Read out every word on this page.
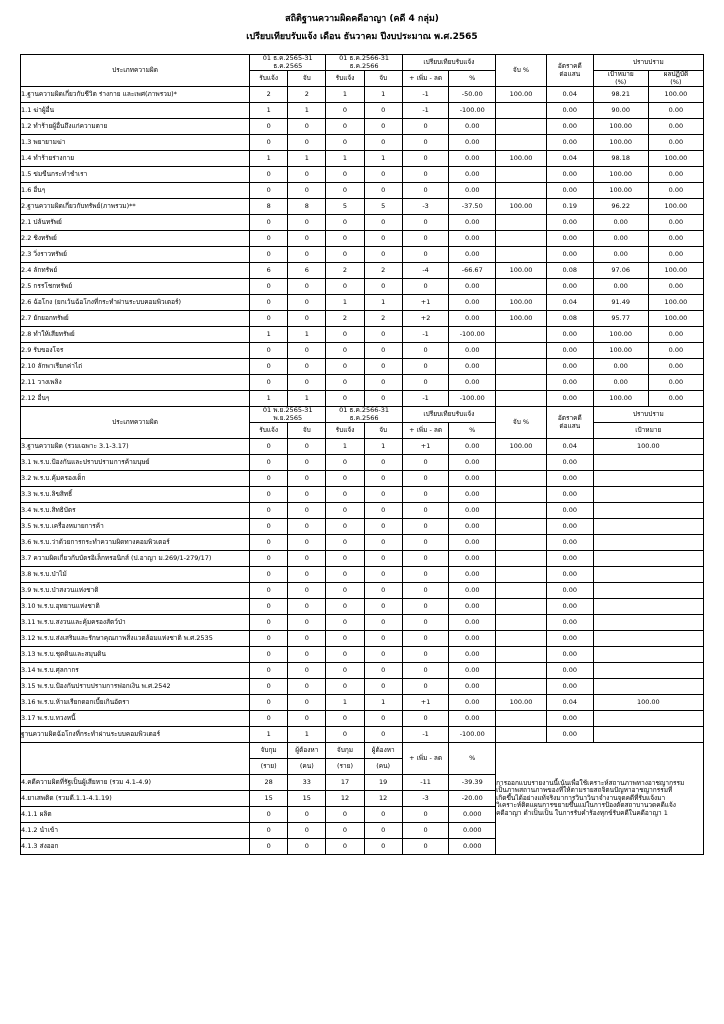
สถิติฐานความผิดคดีอาญา (คดี 4 กลุ่ม)
เปรียบเทียบรับแจ้ง เดือน ธันวาคม ปีงบประมาณ พ.ศ.2565
ประเภทความผิด	01 ธ.ค.2565-31 ธ.ค.2565		01 ธ.ค.2566-31 ธ.ค.2566		เปรียบเทียบรับแจ้ง		จับ %	อัตราคดี
ต่อแสน	ปราบปราม	
รับแจ้ง	จับ	รับแจ้ง	จับ	+ เพิ่ม - ลด	%	เป้าหมาย
(%)

ผลปฏิบัติ
(%)

1.ฐานความผิดเกี่ยวกับชีวิต ร่างกาย และเพศ(ภาพรวม)*	2	2	1	1	-1	-50.00	100.00	0.04	98.21	100.00
1.1 ฆ่าผู้อื่น	1	1	0	0	-1	-100.00		0.00	90.00	0.00
1.2 ทำร้ายผู้อื่นถึงแก่ความตาย	0	0	0	0	0	0.00		0.00	100.00	0.00
1.3 พยายามฆ่า	0	0	0	0	0	0.00		0.00	100.00	0.00
1.4 ทำร้ายร่างกาย	1	1	1	1	0	0.00	100.00	0.04	98.18	100.00
1.5 ข่มขืนกระทำชำเรา	0	0	0	0	0	0.00		0.00	100.00	0.00
1.6 อื่นๆ	0	0	0	0	0	0.00		0.00	100.00	0.00
2.ฐานความผิดเกี่ยวกับทรัพย์(ภาพรวม)**	8	8	5	5	-3	-37.50	100.00	0.19	96.22	100.00
2.1 ปล้นทรัพย์	0	0	0	0	0	0.00		0.00	0.00	0.00
2.2 ชิงทรัพย์	0	0	0	0	0	0.00		0.00	0.00	0.00
2.3 วิ่งราวทรัพย์	0	0	0	0	0	0.00		0.00	0.00	0.00
2.4 ลักทรัพย์	6	6	2	2	-4	-66.67	100.00	0.08	97.06	100.00
2.5 กรรโชกทรัพย์	0	0	0	0	0	0.00		0.00	0.00	0.00
2.6 ฉ้อโกง (ยกเว้นฉ้อโกงที่กระทำผ่านระบบคอมพิวเตอร์)	0	0	1	1	+1	0.00	100.00	0.04	91.49	100.00
2.7 ยักยอกทรัพย์	0	0	2	2	+2	0.00	100.00	0.08	95.77	100.00
2.8 ทำให้เสียทรัพย์	1	1	0	0	-1	-100.00		0.00	100.00	0.00
2.9 รับของโจร	0	0	0	0	0	0.00		0.00	100.00	0.00
2.10 ลักพาเรียกค่าไถ่	0	0	0	0	0	0.00		0.00	0.00	0.00
2.11 วางเพลิง	0	0	0	0	0	0.00		0.00	0.00	0.00
2.12 อื่นๆ	1	1	0	0	-1	-100.00		0.00	100.00	0.00
ประเภทความผิด	01 พ.ย.2565-31 พ.ย.2565		01 ธ.ค.2566-31 ธ.ค.2566		เปรียบเทียบรับแจ้ง		จับ %	อัตราคดี
ต่อแสน	ปราบปราม	
	รับแจ้ง	จับ	รับแจ้ง	จับ	+ เพิ่ม - ลด	%			เป้าหมาย	
3.ฐานความผิด (รวมเฉพาะ 3.1-3.17)	0	0	1	1	+1	0.00	100.00	0.04	100.00	
3.1 พ.ร.บ.ป้องกันและปราบปรามการค้ามนุษย์	0	0	0	0	0	0.00		0.00		
3.2 พ.ร.บ.คุ้มครองเด็ก	0	0	0	0	0	0.00		0.00		
3.3 พ.ร.บ.ลิขสิทธิ์	0	0	0	0	0	0.00		0.00		
3.4 พ.ร.บ.สิทธิบัตร	0	0	0	0	0	0.00		0.00		
3.5 พ.ร.บ.เครื่องหมายการค้า	0	0	0	0	0	0.00		0.00		
3.6 พ.ร.บ.ว่าด้วยการกระทำความผิดทางคอมพิวเตอร์	0	0	0	0	0	0.00		0.00		
3.7 ความผิดเกี่ยวกับบัตรอิเล็กทรอนิกส์ (ป.อาญา ม.269/1-279/17)	0	0	0	0	0	0.00		0.00		
3.8 พ.ร.บ.ป่าไม้	0	0	0	0	0	0.00		0.00		
3.9 พ.ร.บ.ป่าสงวนแห่งชาติ	0	0	0	0	0	0.00		0.00		
3.10 พ.ร.บ.อุทยานแห่งชาติ	0	0	0	0	0	0.00		0.00		
3.11 พ.ร.บ.สงวนและคุ้มครองสัตว์ป่า	0	0	0	0	0	0.00		0.00		
3.12 พ.ร.บ.ส่งเสริมและรักษาคุณภาพสิ่งแวดล้อมแห่งชาติ พ.ศ.2535	0	0	0	0	0	0.00		0.00		
3.13 พ.ร.บ.ชุดดินและสมุนดิน	0	0	0	0	0	0.00		0.00		
3.14 พ.ร.บ.ศุลกากร	0	0	0	0	0	0.00		0.00		
3.15 พ.ร.บ.ป้องกันปราบปรามการฟอกเงิน พ.ศ.2542	0	0	0	0	0	0.00		0.00		
3.16 พ.ร.บ.ห้ามเรียกดอกเบี้ยเกินอัตรา	0	0	1	1	+1	0.00	100.00	0.04	100.00	
3.17 พ.ร.บ.ทวงหนี้	0	0	0	0	0	0.00		0.00		
ฐานความผิดฉ้อโกงที่กระทำผ่านระบบคอมพิวเตอร์	1	1	0	0	-1	-100.00		0.00		

	จับกุม	ผู้ต้องหา	จับกุม	ผู้ต้องหา	+ เพิ่ม - ลด	%	การออกแบบรายงานนี้เน้นเพื่อใช้เคราะห์สถานภาพทางอาชญากรรม
เป็นภาพสถานภาพของที่ให้ตามรายสถจิตนปัญหาอาชญากรรมที่
เกิดขึ้นได้อย่างแท้จริงมาการวินาวินาจำงานจุดคดีที่รับแจ้งมา
วิเคราะห์ติดแผนการขยายขึ้นแม่ในการป้องตัดสถาบานวดคดีแจ้ง
คดีอาญา ดำเป็นเป็น ในการรับคำร้องทุกข์รับคดีในคดีอาญา 1			

	(ราย)	(คน)	(ราย)	(คน)						
4.คดีความผิดที่รัฐเป็นผู้เสียหาย (รวม 4.1-4.9)	28	33	17	19	-11	-39.39				
4.ยาเสพติด (รวมดี.1.1-4.1.19)	15	15	12	12	-3	-20.00				
4.1.1 ผลิต	0	0	0	0	0	0.000				
4.1.2 นำเข้า	0	0	0	0	0	0.000				
4.1.3 ส่งออก	0	0	0	0	0	0.000				
